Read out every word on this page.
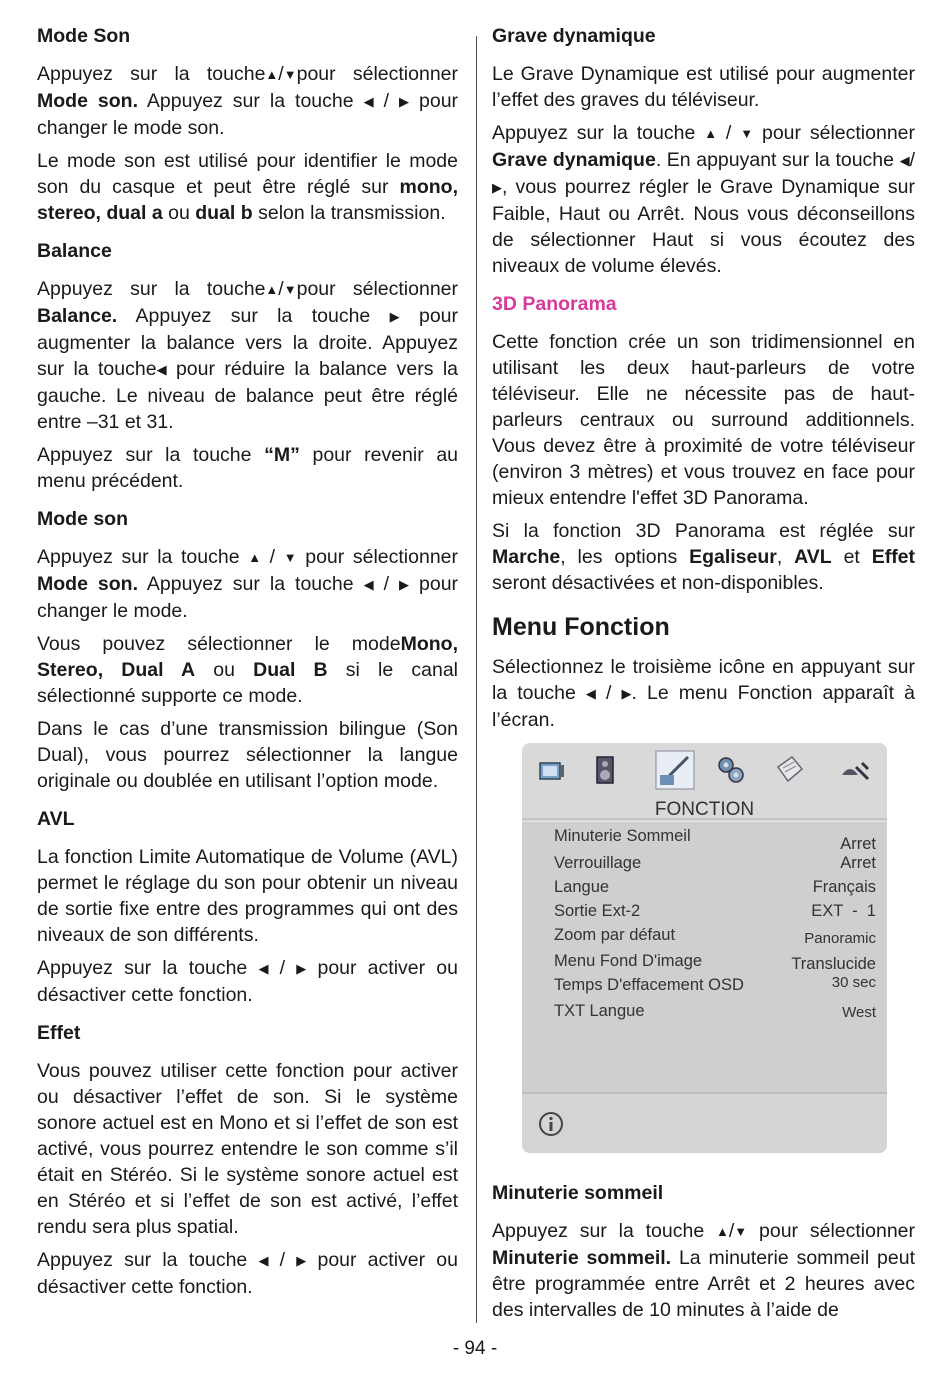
Mode Son

Appuyez sur la touche▲/▼pour sélectionner Mode son. Appuyez sur la touche ◀ / ▶ pour changer le mode son.

Le mode son est utilisé pour identifier le mode son du casque et peut être réglé sur mono, stereo, dual a ou dual b selon la transmission.

Balance

Appuyez sur la touche▲/▼pour sélectionner Balance. Appuyez sur la touche ▶ pour augmenter la balance vers la droite. Appuyez sur la touche◀ pour réduire la balance vers la gauche. Le niveau de balance peut être réglé entre –31 et 31.

Appuyez sur la touche “M” pour revenir au menu précédent.

Mode son

Appuyez sur la touche ▲ / ▼ pour sélectionner Mode son. Appuyez sur la touche ◀ / ▶ pour changer le mode.

Vous pouvez sélectionner le modeMono, Stereo, Dual A ou Dual B si le canal sélectionné supporte ce mode.

Dans le cas d’une transmission bilingue (Son Dual), vous pourrez sélectionner la langue originale ou doublée en utilisant l’option mode.

AVL

La fonction Limite Automatique de Volume (AVL) permet le réglage du son pour obtenir un niveau de sortie fixe entre des programmes qui ont des niveaux de son différents.

Appuyez sur la touche ◀ / ▶ pour activer ou désactiver cette fonction.

Effet

Vous pouvez utiliser cette fonction pour activer ou désactiver l’effet de son. Si le système sonore actuel est en Mono et si l’effet de son est activé, vous pourrez entendre le son comme s’il était en Stéréo. Si le système sonore actuel est en Stéréo et si l’effet de son est activé, l’effet rendu sera plus spatial.

Appuyez sur la touche ◀ / ▶ pour activer ou désactiver cette fonction.

Grave dynamique

Le Grave Dynamique est utilisé pour augmenter l’effet des graves du téléviseur.

Appuyez sur la touche ▲ / ▼ pour sélectionner Grave dynamique. En appuyant sur la touche ◀/▶, vous pourrez régler le Grave Dynamique sur Faible, Haut ou Arrêt. Nous vous déconseillons de sélectionner Haut si vous écoutez des niveaux de volume élevés.

3D Panorama

Cette fonction crée un son tridimensionnel en utilisant les deux haut-parleurs de votre téléviseur. Elle ne nécessite pas de haut-parleurs centraux ou surround additionnels. Vous devez être à proximité de votre téléviseur (environ 3 mètres) et vous trouvez en face pour mieux entendre l'effet 3D Panorama.

Si la fonction 3D Panorama est réglée sur Marche, les options Egaliseur, AVL et Effet seront désactivées et non-disponibles.

Menu Fonction

Sélectionnez le troisième icône en appuyant sur la touche ◀ / ▶. Le menu Fonction apparaît à l’écran.

FONCTION
Minuterie Sommeil	Arret
Verrouillage	Arret
Langue	Français
Sortie Ext-2	EXT  -  1
Zoom par défaut	Panoramic
Menu Fond D'image	Translucide
Temps D'effacement OSD	30 sec
TXT Langue	West
Minuterie sommeil

Appuyez sur la touche ▲/▼ pour sélectionner Minuterie sommeil. La minuterie sommeil peut être programmée entre Arrêt et 2 heures avec des intervalles de 10 minutes à l’aide de

- 94 -
